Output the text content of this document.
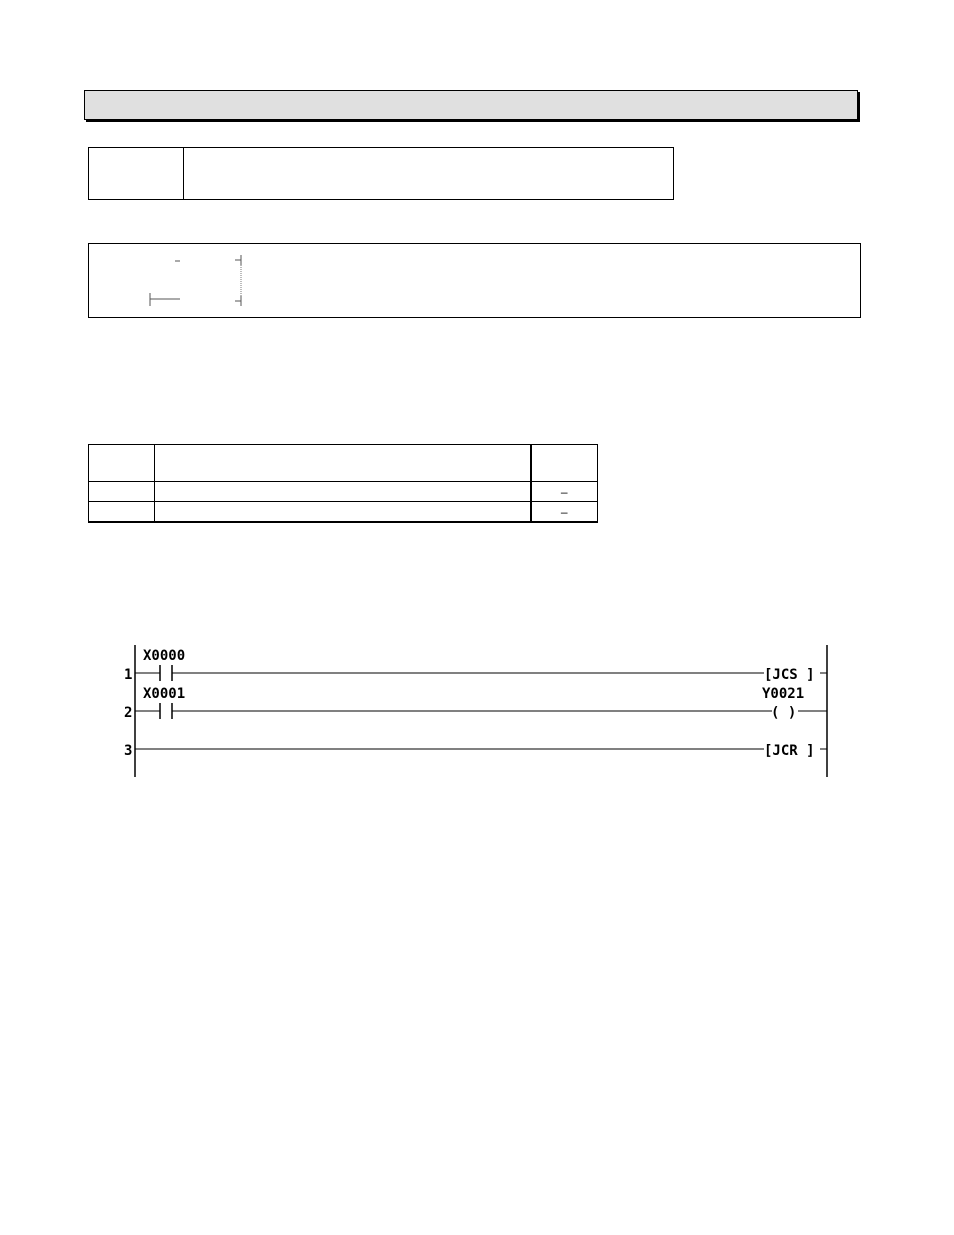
		–
		–
1
X0000
[JCS ]
2
X0001	Y0021
( )
3	[JCR ]
